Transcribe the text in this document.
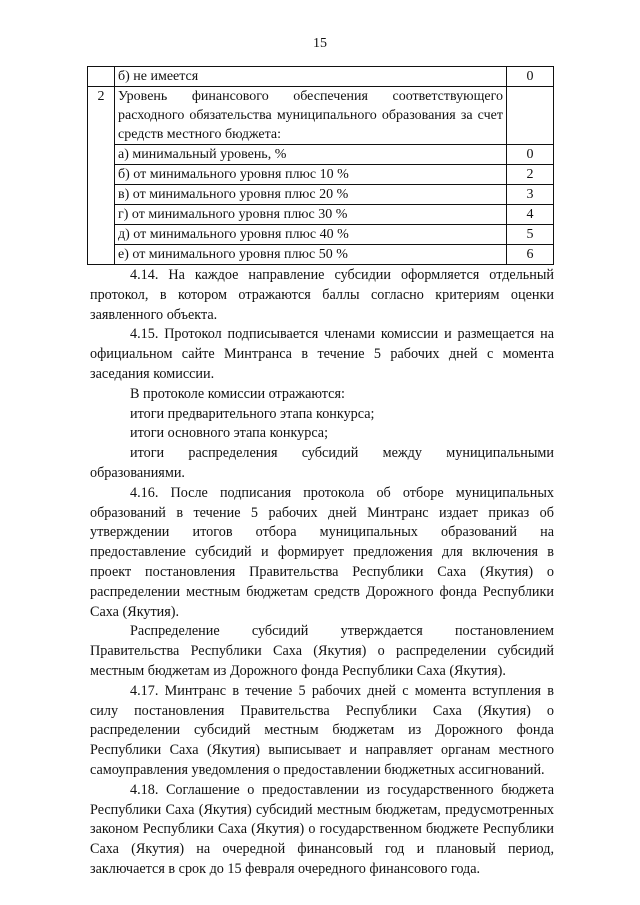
15
	б) не имеется	0
2	Уровень финансового обеспечения соответствующего расходного обязательства муниципального образования за счет средств местного бюджета:	
	а) минимальный уровень, %	0
	б) от минимального уровня плюс 10 %	2
	в) от минимального уровня плюс 20 %	3
	г) от минимального уровня плюс 30 %	4
	д) от минимального уровня плюс 40 %	5
	е) от минимального уровня плюс 50 %	6

4.14. На каждое направление субсидии оформляется отдельный протокол, в котором отражаются баллы согласно критериям оценки заявленного объекта.

4.15. Протокол подписывается членами комиссии и размещается на официальном сайте Минтранса в течение 5 рабочих дней с момента заседания комиссии.

В протоколе комиссии отражаются:

итоги предварительного этапа конкурса;

итоги основного этапа конкурса;

итоги распределения субсидий между муниципальными образованиями.

4.16. После подписания протокола об отборе муниципальных образований в течение 5 рабочих дней Минтранс издает приказ об утверждении итогов отбора муниципальных образований на предоставление субсидий и формирует предложения для включения в проект постановления Правительства Республики Саха (Якутия) о распределении местным бюджетам средств Дорожного фонда Республики Саха (Якутия).

Распределение субсидий утверждается постановлением Правительства Республики Саха (Якутия) о распределении субсидий местным бюджетам из Дорожного фонда Республики Саха (Якутия).

4.17. Минтранс в течение 5 рабочих дней с момента вступления в силу постановления Правительства Республики Саха (Якутия) о распределении субсидий местным бюджетам из Дорожного фонда Республики Саха (Якутия) выписывает и направляет органам местного самоуправления уведомления о предоставлении бюджетных ассигнований.

4.18. Соглашение о предоставлении из государственного бюджета Республики Саха (Якутия) субсидий местным бюджетам, предусмотренных законом Республики Саха (Якутия) о государственном бюджете Республики Саха (Якутия) на очередной финансовый год и плановый период, заключается в срок до 15 февраля очередного финансового года.
